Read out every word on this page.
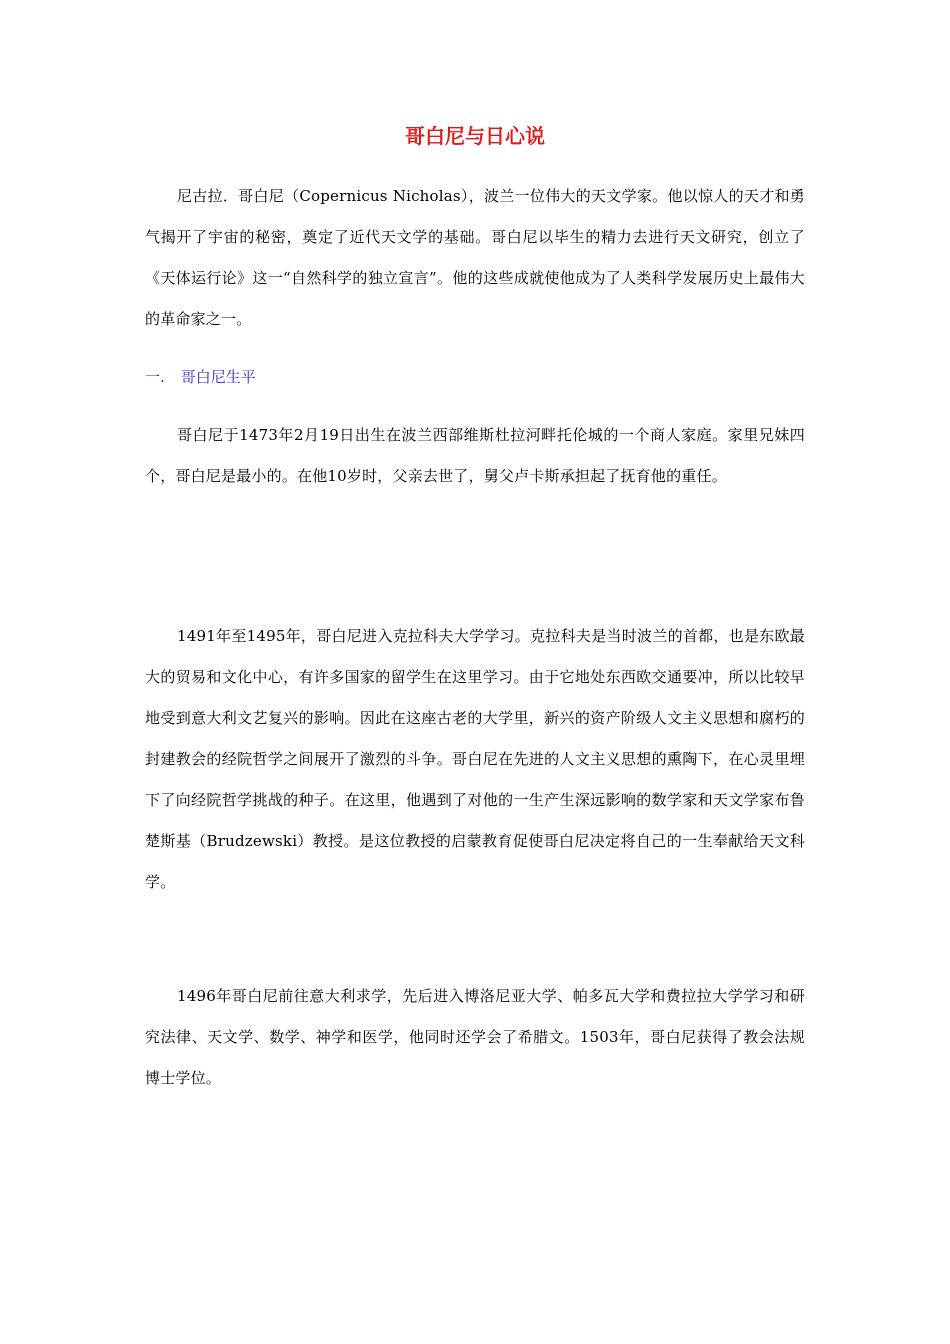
哥白尼与日心说

尼古拉．哥白尼（Copernicus Nicholas），波兰一位伟大的天文学家。他以惊人的天才和勇气揭开了宇宙的秘密，奠定了近代天文学的基础。哥白尼以毕生的精力去进行天文研究，创立了《天体运行论》这一“自然科学的独立宣言”。他的这些成就使他成为了人类科学发展历史上最伟大的革命家之一。

一. 哥白尼生平

哥白尼于1473年2月19日出生在波兰西部维斯杜拉河畔托伦城的一个商人家庭。家里兄妹四个，哥白尼是最小的。在他10岁时，父亲去世了，舅父卢卡斯承担起了抚育他的重任。

1491年至1495年，哥白尼进入克拉科夫大学学习。克拉科夫是当时波兰的首都，也是东欧最大的贸易和文化中心，有许多国家的留学生在这里学习。由于它地处东西欧交通要冲，所以比较早地受到意大利文艺复兴的影响。因此在这座古老的大学里，新兴的资产阶级人文主义思想和腐朽的封建教会的经院哲学之间展开了激烈的斗争。哥白尼在先进的人文主义思想的熏陶下，在心灵里埋下了向经院哲学挑战的种子。在这里，他遇到了对他的一生产生深远影响的数学家和天文学家布鲁楚斯基（Brudzewski）教授。是这位教授的启蒙教育促使哥白尼决定将自己的一生奉献给天文科学。

1496年哥白尼前往意大利求学，先后进入博洛尼亚大学、帕多瓦大学和费拉拉大学学习和研究法律、天文学、数学、神学和医学，他同时还学会了希腊文。1503年，哥白尼获得了教会法规博士学位。
